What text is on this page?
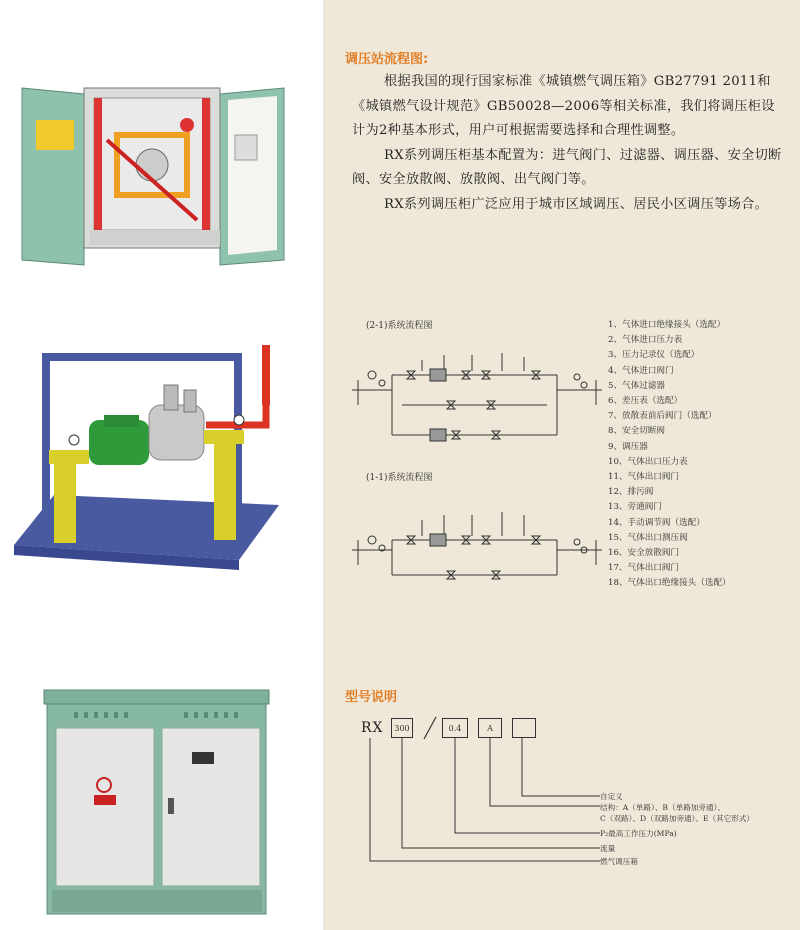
调压站流程图:

根据我国的现行国家标准《城镇燃气调压箱》GB27791 2011和《城镇燃气设计规范》GB50028—2006等相关标准，我们将调压柜设计为2种基本形式，用户可根据需要选择和合理性调整。

RX系列调压柜基本配置为：进气阀门、过滤器、调压器、安全切断阀、安全放散阀、放散阀、出气阀门等。

RX系列调压柜广泛应用于城市区域调压、居民小区调压等场合。

(2-1)系统流程图
(1-1)系统流程图
1、气体进口绝缘接头（选配）
2、气体进口压力表
3、压力记录仪（选配）
4、气体进口阀门
5、气体过滤器
6、差压表（选配）
7、放散表前后阀门（选配）
8、安全切断阀
9、调压器
10、气体出口压力表
11、气体出口阀门
12、排污阀
13、旁通阀门
14、手动调节阀（选配）
15、气体出口测压阀
16、安全放散阀门
17、气体出口阀门
18、气体出口绝缘接头（选配）
型号说明
RX	300	0.4	A
自定义
结构：A（单路）、B（单路加旁通）、
C（双路）、D（双路加旁通）、E（其它形式）
P₂最高工作压力(MPa)
流量
燃气调压箱
